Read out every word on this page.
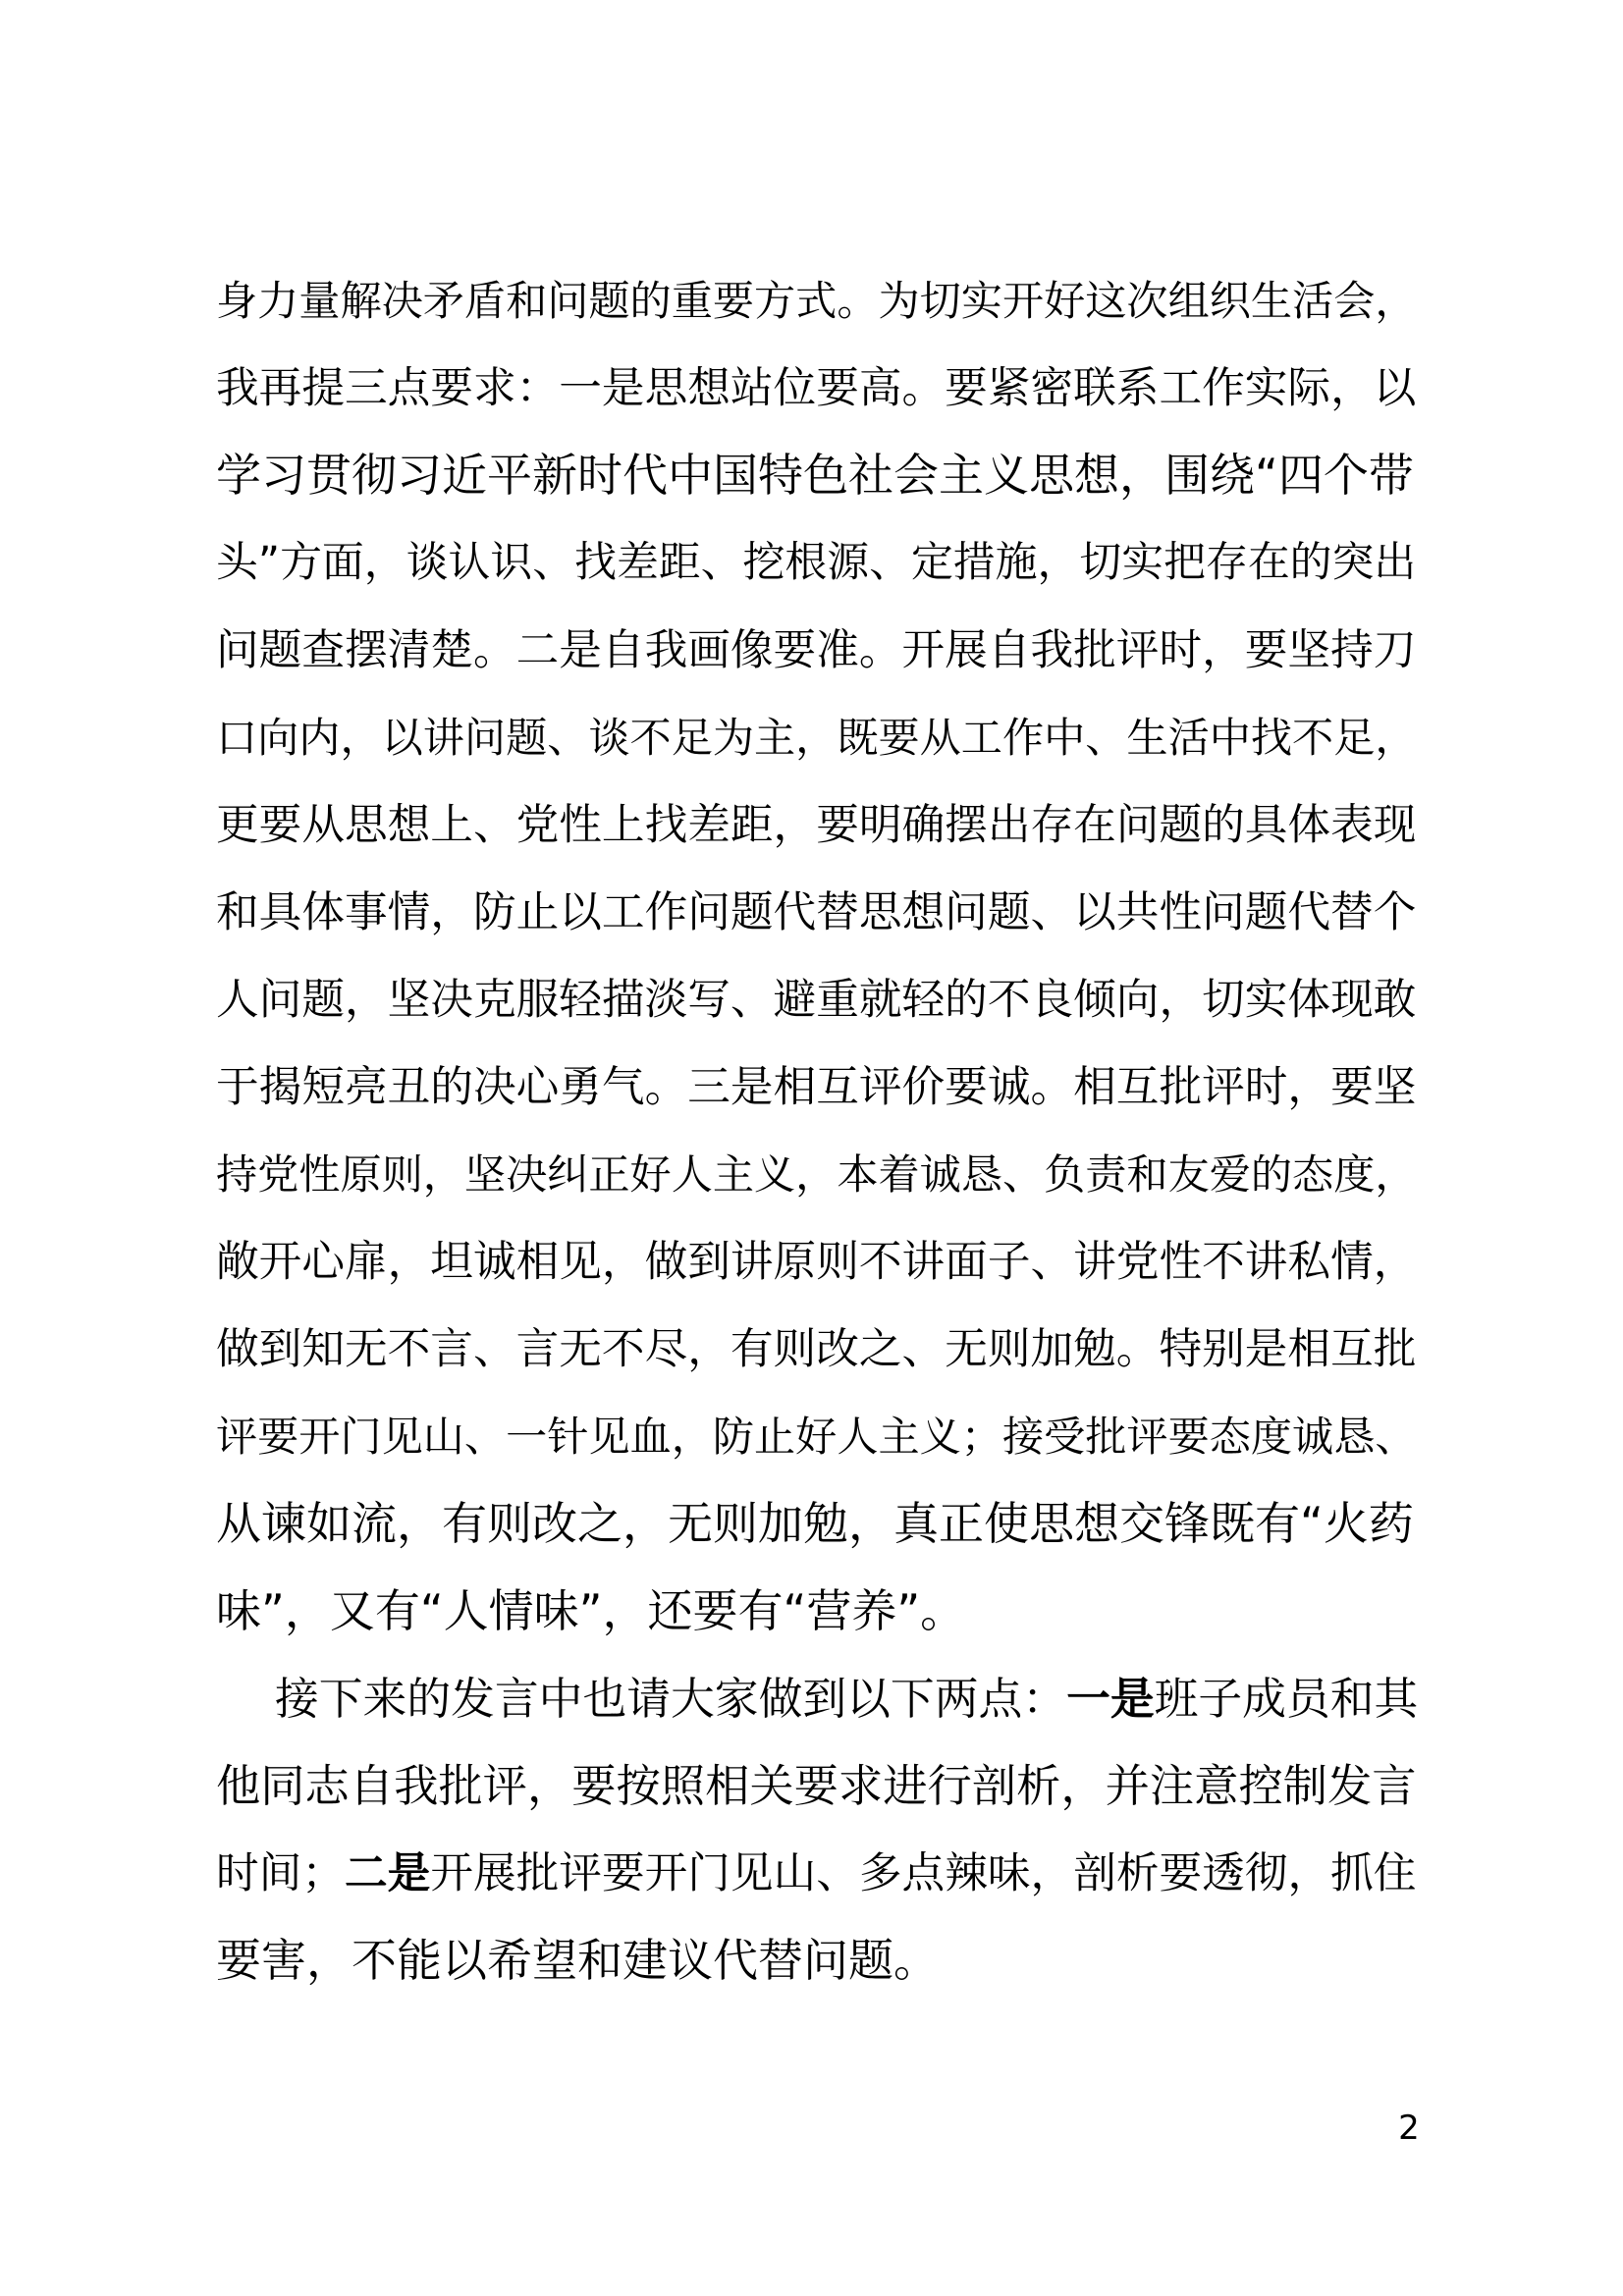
身力量解决矛盾和问题的重要方式。为切实开好这次组织生活会，
我再提三点要求：一是思想站位要高。要紧密联系工作实际，以
学习贯彻习近平新时代中国特色社会主义思想，围绕“四个带
头”方面，谈认识、找差距、挖根源、定措施，切实把存在的突出
问题查摆清楚。二是自我画像要准。开展自我批评时，要坚持刀
口向内，以讲问题、谈不足为主，既要从工作中、生活中找不足，
更要从思想上、党性上找差距，要明确摆出存在问题的具体表现
和具体事情，防止以工作问题代替思想问题、以共性问题代替个
人问题，坚决克服轻描淡写、避重就轻的不良倾向，切实体现敢
于揭短亮丑的决心勇气。三是相互评价要诚。相互批评时，要坚
持党性原则，坚决纠正好人主义，本着诚恳、负责和友爱的态度，
敞开心扉，坦诚相见，做到讲原则不讲面子、讲党性不讲私情，
做到知无不言、言无不尽，有则改之、无则加勉。特别是相互批
评要开门见山、一针见血，防止好人主义；接受批评要态度诚恳、
从谏如流，有则改之，无则加勉，真正使思想交锋既有“火药
味”，又有“人情味”，还要有“营养”。

接下来的发言中也请大家做到以下两点：一是班子成员和其
他同志自我批评，要按照相关要求进行剖析，并注意控制发言
时间；二是开展批评要开门见山、多点辣味，剖析要透彻，抓住
要害，不能以希望和建议代替问题。

2
